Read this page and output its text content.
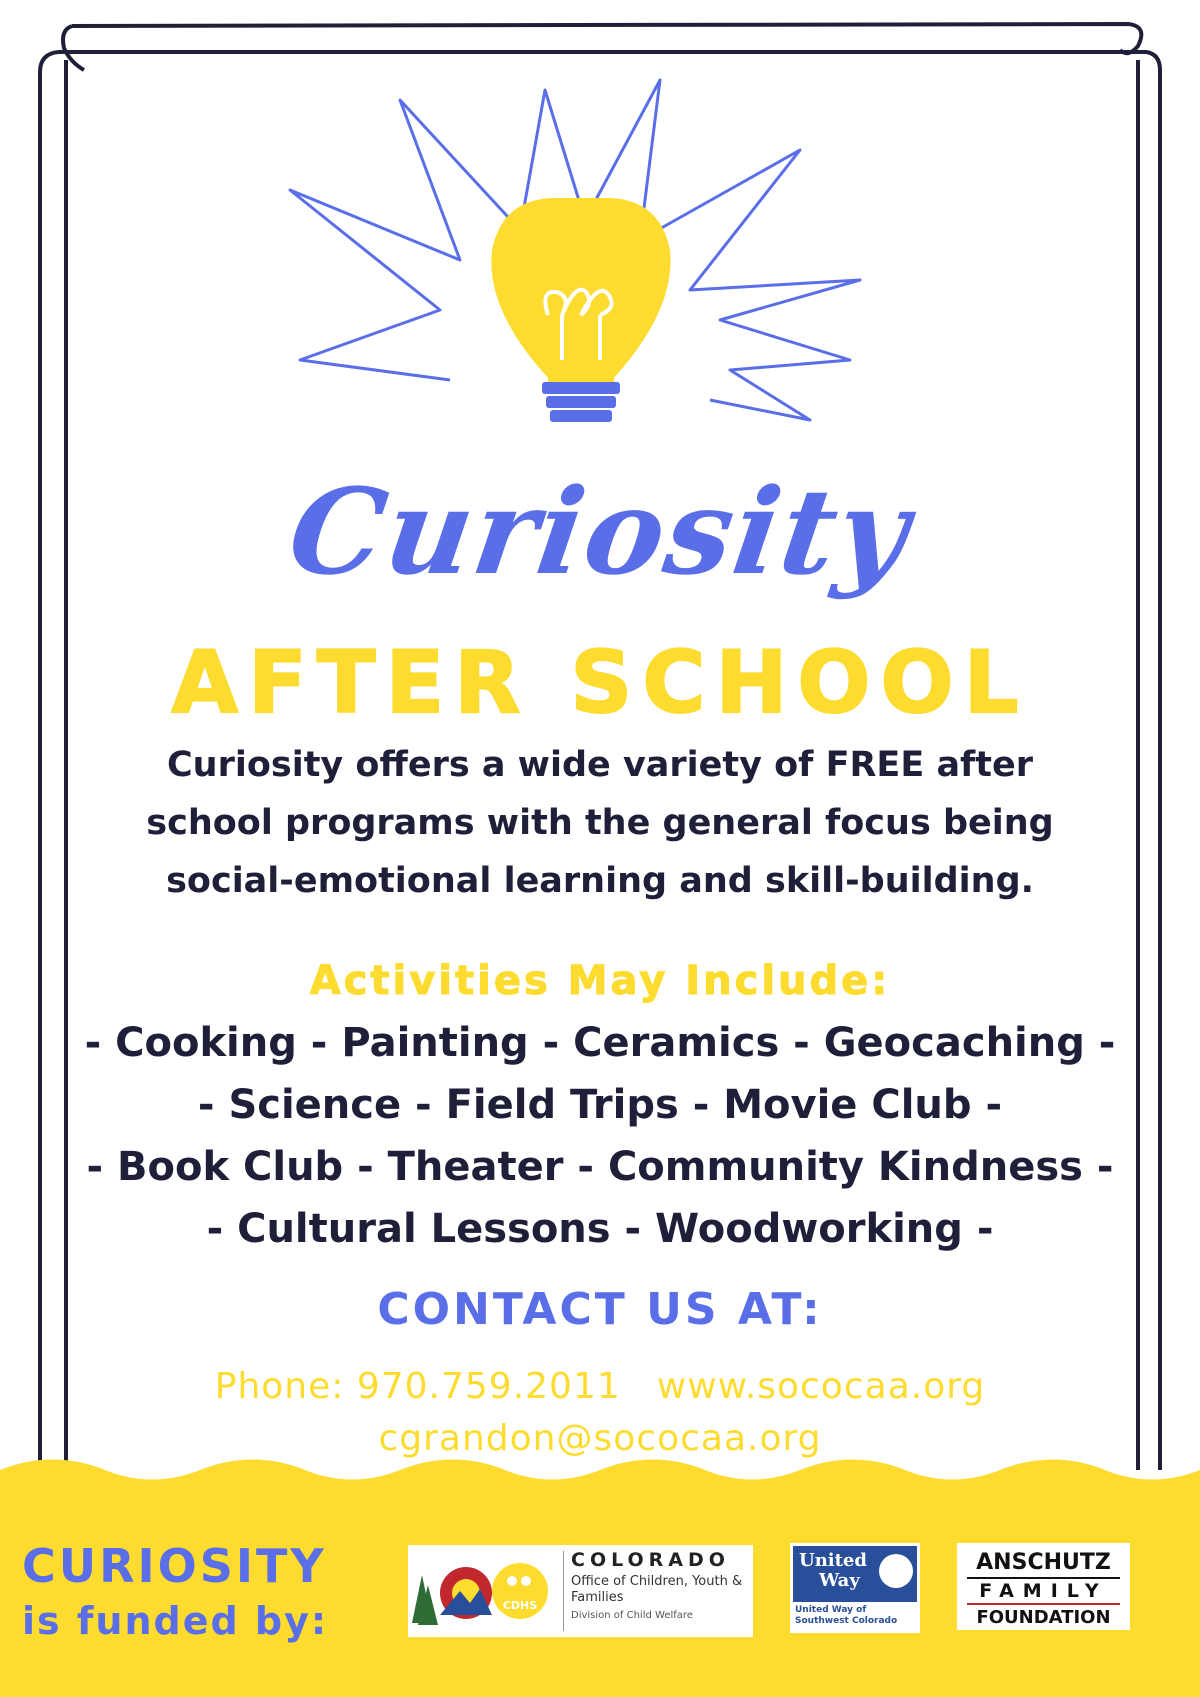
Curiosity
AFTER SCHOOL

Curiosity offers a wide variety of FREE after school programs with the general focus being social-emotional learning and skill-building.

Activities May Include:
- Cooking - Painting - Ceramics - Geocaching -
- Science - Field Trips - Movie Club -
- Book Club - Theater - Community Kindness -
- Cultural Lessons - Woodworking -
CONTACT US AT:

Phone: 970.759.2011 www.sococaa.org

cgrandon@sococaa.org

CURIOSITY
is funded by:	CDHS
COLORADO
Office of Children, Youth & Families
Division of Child Welfare
United
Way
United Way of Southwest Colorado
ANSCHUTZ
FAMILY
FOUNDATION
